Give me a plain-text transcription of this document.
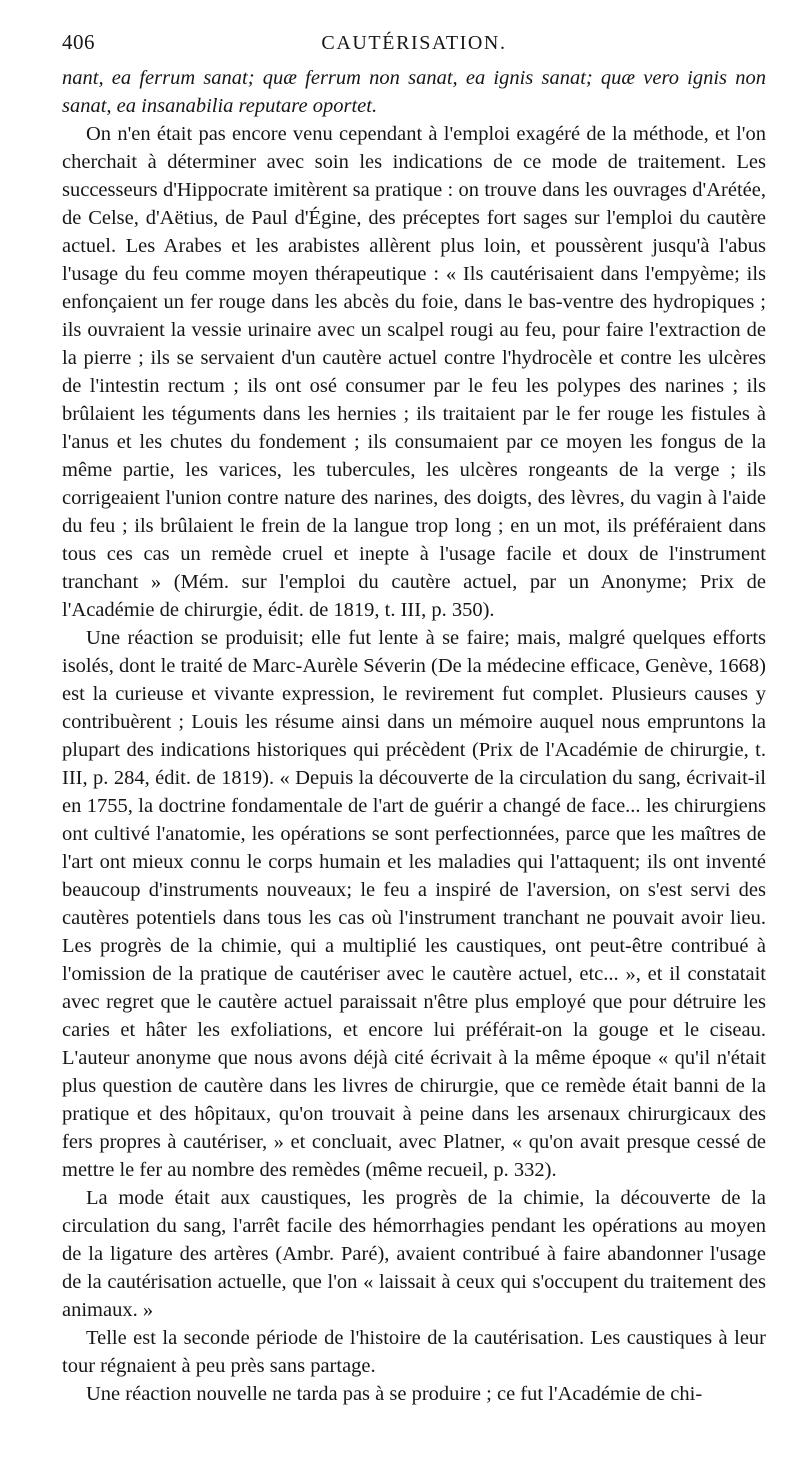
406	CAUTÉRISATION.

nant, ea ferrum sanat; quæ ferrum non sanat, ea ignis sanat; quæ vero ignis non sanat, ea insanabilia reputare oportet.

On n'en était pas encore venu cependant à l'emploi exagéré de la méthode, et l'on cherchait à déterminer avec soin les indications de ce mode de traitement. Les successeurs d'Hippocrate imitèrent sa pratique : on trouve dans les ouvrages d'Arétée, de Celse, d'Aëtius, de Paul d'Égine, des préceptes fort sages sur l'emploi du cautère actuel. Les Arabes et les arabistes allèrent plus loin, et poussèrent jusqu'à l'abus l'usage du feu comme moyen thérapeutique : « Ils cautérisaient dans l'empyème; ils enfonçaient un fer rouge dans les abcès du foie, dans le bas-ventre des hydropiques ; ils ouvraient la vessie urinaire avec un scalpel rougi au feu, pour faire l'extraction de la pierre ; ils se servaient d'un cautère actuel contre l'hydrocèle et contre les ulcères de l'intestin rectum ; ils ont osé consumer par le feu les polypes des narines ; ils brûlaient les téguments dans les hernies ; ils traitaient par le fer rouge les fistules à l'anus et les chutes du fondement ; ils consumaient par ce moyen les fongus de la même partie, les varices, les tubercules, les ulcères rongeants de la verge ; ils corrigeaient l'union contre nature des narines, des doigts, des lèvres, du vagin à l'aide du feu ; ils brûlaient le frein de la langue trop long ; en un mot, ils préféraient dans tous ces cas un remède cruel et inepte à l'usage facile et doux de l'instrument tranchant » (Mém. sur l'emploi du cautère actuel, par un Anonyme; Prix de l'Académie de chirurgie, édit. de 1819, t. III, p. 350).

Une réaction se produisit; elle fut lente à se faire; mais, malgré quelques efforts isolés, dont le traité de Marc-Aurèle Séverin (De la médecine efficace, Genève, 1668) est la curieuse et vivante expression, le revirement fut complet. Plusieurs causes y contribuèrent ; Louis les résume ainsi dans un mémoire auquel nous empruntons la plupart des indications historiques qui précèdent (Prix de l'Académie de chirurgie, t. III, p. 284, édit. de 1819). « Depuis la découverte de la circulation du sang, écrivait-il en 1755, la doctrine fondamentale de l'art de guérir a changé de face... les chirurgiens ont cultivé l'anatomie, les opérations se sont perfectionnées, parce que les maîtres de l'art ont mieux connu le corps humain et les maladies qui l'attaquent; ils ont inventé beaucoup d'instruments nouveaux; le feu a inspiré de l'aversion, on s'est servi des cautères potentiels dans tous les cas où l'instrument tranchant ne pouvait avoir lieu. Les progrès de la chimie, qui a multiplié les caustiques, ont peut-être contribué à l'omission de la pratique de cautériser avec le cautère actuel, etc... », et il constatait avec regret que le cautère actuel paraissait n'être plus employé que pour détruire les caries et hâter les exfoliations, et encore lui préférait-on la gouge et le ciseau. L'auteur anonyme que nous avons déjà cité écrivait à la même époque « qu'il n'était plus question de cautère dans les livres de chirurgie, que ce remède était banni de la pratique et des hôpitaux, qu'on trouvait à peine dans les arsenaux chirurgicaux des fers propres à cautériser, » et concluait, avec Platner, « qu'on avait presque cessé de mettre le fer au nombre des remèdes (même recueil, p. 332).

La mode était aux caustiques, les progrès de la chimie, la découverte de la circulation du sang, l'arrêt facile des hémorrhagies pendant les opérations au moyen de la ligature des artères (Ambr. Paré), avaient contribué à faire abandonner l'usage de la cautérisation actuelle, que l'on « laissait à ceux qui s'occupent du traitement des animaux. »

Telle est la seconde période de l'histoire de la cautérisation. Les caustiques à leur tour régnaient à peu près sans partage.

Une réaction nouvelle ne tarda pas à se produire ; ce fut l'Académie de chi-
